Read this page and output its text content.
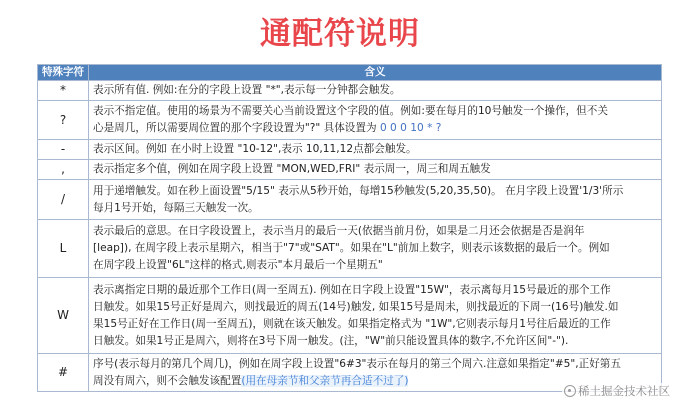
通配符说明
特殊字符	含义
*	表示所有值. 例如:在分的字段上设置 "*",表示每一分钟都会触发。

?	表示不指定值。使用的场景为不需要关心当前设置这个字段的值。例如:要在每月的10号触发一个操作，但不关
心是周几，所以需要周位置的那个字段设置为"?" 具体设置为 0 0 0 10 * ?

-	表示区间。例如 在小时上设置 "10-12",表示 10,11,12点都会触发。

,	表示指定多个值，例如在周字段上设置 "MON,WED,FRI" 表示周一，周三和周五触发

/	用于递增触发。如在秒上面设置"5/15" 表示从5秒开始，每增15秒触发(5,20,35,50)。 在月字段上设置'1/3'所示
每月1号开始，每隔三天触发一次。

L	表示最后的意思。在日字段设置上，表示当月的最后一天(依据当前月份，如果是二月还会依据是否是润年
[leap]), 在周字段上表示星期六，相当于"7"或"SAT"。如果在"L"前加上数字，则表示该数据的最后一个。例如
在周字段上设置"6L"这样的格式,则表示"本月最后一个星期五"

W	表示离指定日期的最近那个工作日(周一至周五). 例如在日字段上设置"15W"，表示离每月15号最近的那个工作
日触发。如果15号正好是周六，则找最近的周五(14号)触发, 如果15号是周未，则找最近的下周一(16号)触发.如
果15号正好在工作日(周一至周五)，则就在该天触发。如果指定格式为 "1W",它则表示每月1号往后最近的工作
日触发。如果1号正是周六，则将在3号下周一触发。(注，"W"前只能设置具体的数字,不允许区间"-").

#	序号(表示每月的第几个周几)，例如在周字段上设置"6#3"表示在每月的第三个周六.注意如果指定"#5",正好第五
周没有周六，则不会触发该配置(用在母亲节和父亲节再合适不过了)
稀土掘金技术社区
